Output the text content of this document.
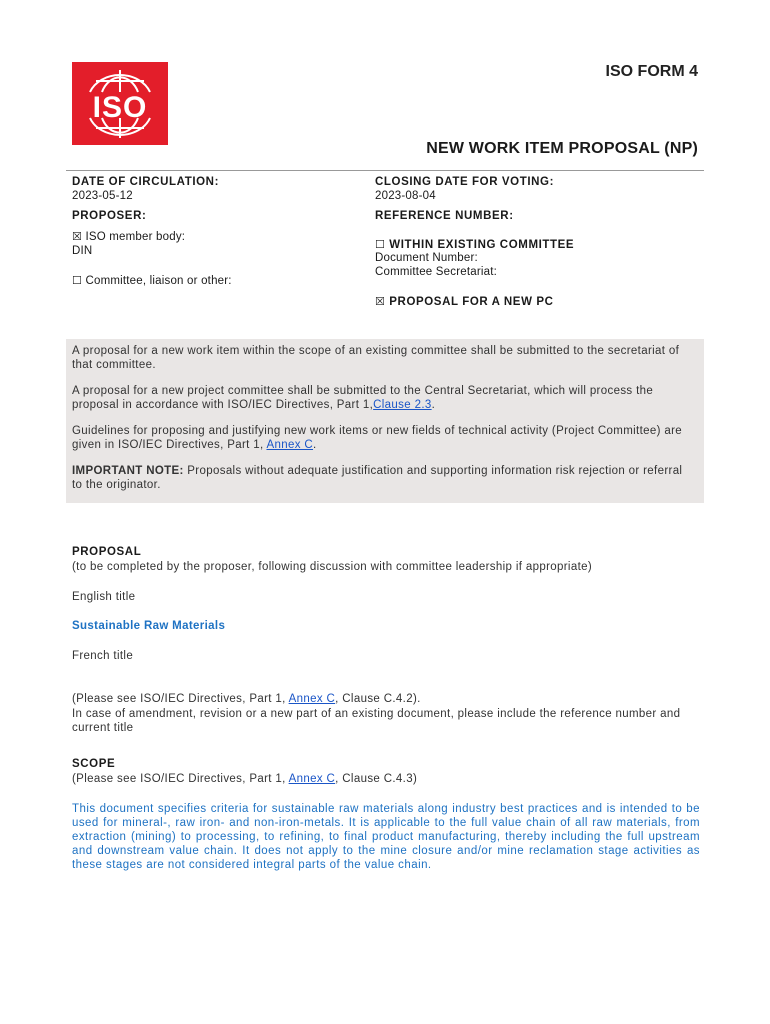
ISO
ISO FORM 4
NEW WORK ITEM PROPOSAL (NP)
DATE OF CIRCULATION:
2023-05-12
PROPOSER:
☒ ISO member body:
DIN
☐ Committee, liaison or other:
CLOSING DATE FOR VOTING:
2023-08-04
REFERENCE NUMBER:
☐ WITHIN EXISTING COMMITTEE
Document Number:
Committee Secretariat:
☒ PROPOSAL FOR A NEW PC

A proposal for a new work item within the scope of an existing committee shall be submitted to the secretariat of that committee.

A proposal for a new project committee shall be submitted to the Central Secretariat, which will process the proposal in accordance with ISO/IEC Directives, Part 1,Clause 2.3.

Guidelines for proposing and justifying new work items or new fields of technical activity (Project Committee) are given in ISO/IEC Directives, Part 1, Annex C.

IMPORTANT NOTE: Proposals without adequate justification and supporting information risk rejection or referral to the originator.

PROPOSAL
(to be completed by the proposer, following discussion with committee leadership if appropriate)
English title
Sustainable Raw Materials
French title
(Please see ISO/IEC Directives, Part 1, Annex C, Clause C.4.2).
In case of amendment, revision or a new part of an existing document, please include the reference number and current title
SCOPE
(Please see ISO/IEC Directives, Part 1, Annex C, Clause C.4.3)
This document specifies criteria for sustainable raw materials along industry best practices and is intended to be used for mineral-, raw iron- and non-iron-metals. It is applicable to the full value chain of all raw materials, from extraction (mining) to processing, to refining, to final product manufacturing, thereby including the full upstream and downstream value chain. It does not apply to the mine closure and/or mine reclamation stage activities as these stages are not considered integral parts of the value chain.
